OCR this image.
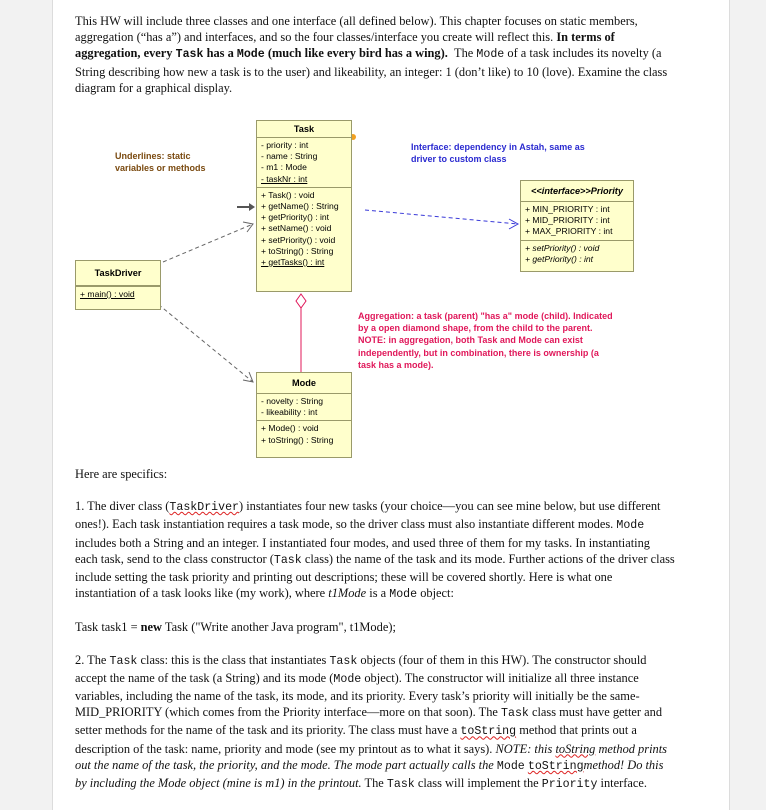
This HW will include three classes and one interface (all defined below). This chapter focuses on static members, aggregation (“has a”) and interfaces, and so the four classes/interface you create will reflect this. In terms of aggregation, every Task has a Mode (much like every bird has a wing). The Mode of a task includes its novelty (a String describing how new a task is to the user) and likeability, an integer: 1 (don’t like) to 10 (love). Examine the class diagram for a graphical display.

Task
- priority : int
- name : String
- m1 : Mode
- taskNr : int
+ Task() : void
+ getName() : String
+ getPriority() : int
+ setName() : void
+ setPriority() : void
+ toString() : String
+ getTasks() : int
TaskDriver
+ main() : void
Mode
- novelty : String
- likeability : int
+ Mode() : void
+ toString() : String
<<interface>>Priority
+ MIN_PRIORITY : int
+ MID_PRIORITY : int
+ MAX_PRIORITY : int
+ setPriority() : void
+ getPriority() : int
Underlines: static variables or methods
Interface: dependency in Astah, same as driver to custom class
Aggregation: a task (parent) "has a" mode (child). Indicated by a open diamond shape, from the child to the parent. NOTE: in aggregation, both Task and Mode can exist independently, but in combination, there is ownership (a task has a mode).

Here are specifics:

1. The diver class (TaskDriver) instantiates four new tasks (your choice—you can see mine below, but use different ones!). Each task instantiation requires a task mode, so the driver class must also instantiate different modes. Mode includes both a String and an integer. I instantiated four modes, and used three of them for my tasks. In instantiating each task, send to the class constructor (Task class) the name of the task and its mode. Further actions of the driver class include setting the task priority and printing out descriptions; these will be covered shortly. Here is what one instantiation of a task looks like (my work), where t1Mode is a Mode object:

Task task1 = new Task ("Write another Java program", t1Mode);

2. The Task class: this is the class that instantiates Task objects (four of them in this HW). The constructor should accept the name of the task (a String) and its mode (Mode object). The constructor will initialize all three instance variables, including the name of the task, its mode, and its priority. Every task’s priority will initially be the same-MID_PRIORITY (which comes from the Priority interface—more on that soon). The Task class must have getter and setter methods for the name of the task and its priority. The class must have a toString method that prints out a description of the task: name, priority and mode (see my printout as to what it says). NOTE: this toString method prints out the name of the task, the priority, and the mode. The mode part actually calls the Mode toStringmethod! Do this by including the Mode object (mine is m1) in the printout. The Task class will implement the Priority interface.
